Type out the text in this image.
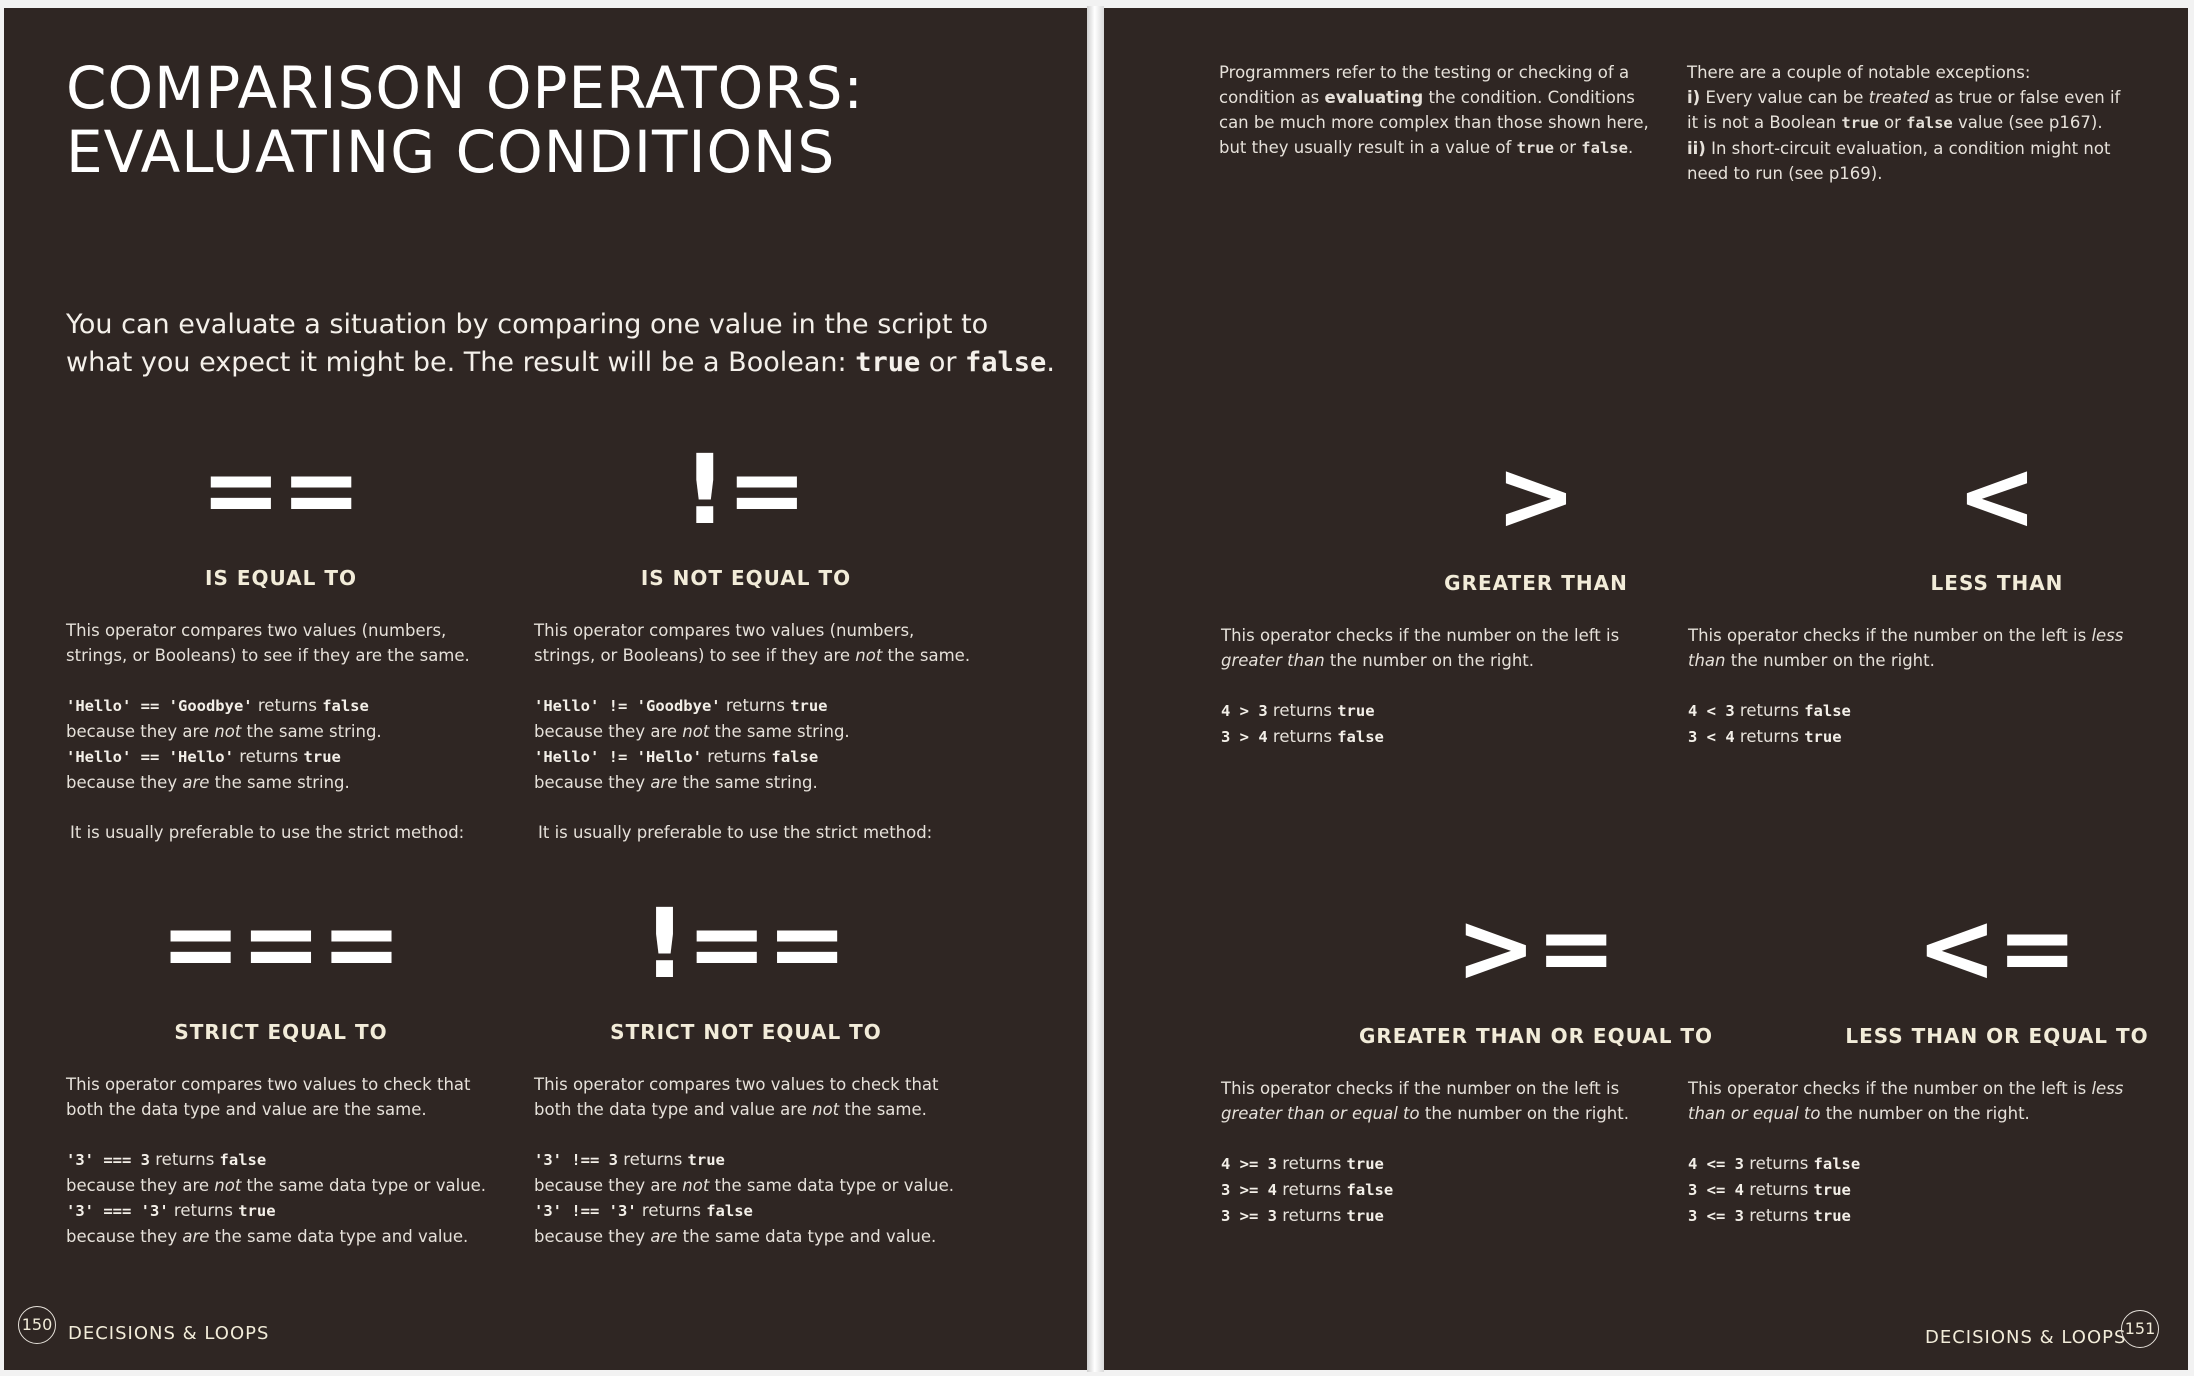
COMPARISON OPERATORS:
EVALUATING CONDITIONS

You can evaluate a situation by comparing one value in the script to what you expect it might be. The result will be a Boolean: true or false.

==
IS EQUAL TO

This operator compares two values (numbers, strings, or Booleans) to see if they are the same.

'Hello' == 'Goodbye' returns false

because they are not the same string.

'Hello' == 'Hello' returns true

because they are the same string.

It is usually preferable to use the strict method:

!=
IS NOT EQUAL TO

This operator compares two values (numbers, strings, or Booleans) to see if they are not the same.

'Hello' != 'Goodbye' returns true

because they are not the same string.

'Hello' != 'Hello' returns false

because they are the same string.

It is usually preferable to use the strict method:

===
STRICT EQUAL TO

This operator compares two values to check that both the data type and value are the same.

'3' === 3 returns false

because they are not the same data type or value.

'3' === '3' returns true

because they are the same data type and value.

!==
STRICT NOT EQUAL TO

This operator compares two values to check that both the data type and value are not the same.

'3' !== 3 returns true

because they are not the same data type or value.

'3' !== '3' returns false

because they are the same data type and value.

150 DECISIONS & LOOPS

Programmers refer to the testing or checking of a condition as evaluating the condition. Conditions can be much more complex than those shown here, but they usually result in a value of true or false.

There are a couple of notable exceptions:

i) Every value can be treated as true or false even if it is not a Boolean true or false value (see p167).

ii) In short-circuit evaluation, a condition might not need to run (see p169).

>
GREATER THAN

This operator checks if the number on the left is greater than the number on the right.

4 > 3 returns true

3 > 4 returns false

<
LESS THAN

This operator checks if the number on the left is less than the number on the right.

4 < 3 returns false

3 < 4 returns true

>=
GREATER THAN OR EQUAL TO

This operator checks if the number on the left is greater than or equal to the number on the right.

4 >= 3 returns true

3 >= 4 returns false

3 >= 3 returns true

<=
LESS THAN OR EQUAL TO

This operator checks if the number on the left is less than or equal to the number on the right.

4 <= 3 returns false

3 <= 4 returns true

3 <= 3 returns true

DECISIONS & LOOPS
151
